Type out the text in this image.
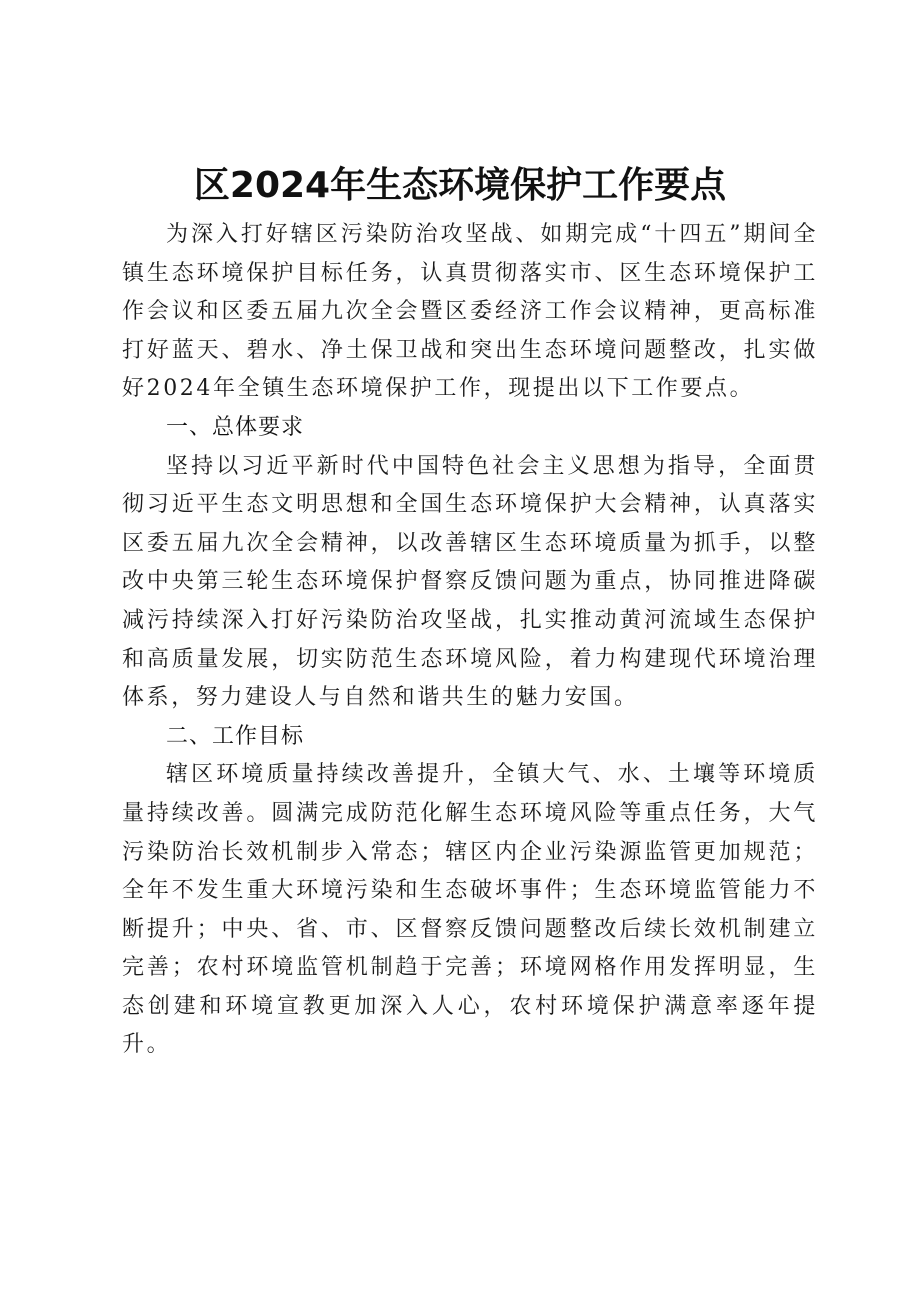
区2024年生态环境保护工作要点

为深入打好辖区污染防治攻坚战、如期完成“十四五”期间全镇生态环境保护目标任务，认真贯彻落实市、区生态环境保护工作会议和区委五届九次全会暨区委经济工作会议精神，更高标准打好蓝天、碧水、净土保卫战和突出生态环境问题整改，扎实做好2024年全镇生态环境保护工作，现提出以下工作要点。

一、总体要求

坚持以习近平新时代中国特色社会主义思想为指导，全面贯彻习近平生态文明思想和全国生态环境保护大会精神，认真落实区委五届九次全会精神，以改善辖区生态环境质量为抓手，以整改中央第三轮生态环境保护督察反馈问题为重点，协同推进降碳减污持续深入打好污染防治攻坚战，扎实推动黄河流域生态保护和高质量发展，切实防范生态环境风险，着力构建现代环境治理体系，努力建设人与自然和谐共生的魅力安国。

二、工作目标

辖区环境质量持续改善提升，全镇大气、水、土壤等环境质量持续改善。圆满完成防范化解生态环境风险等重点任务，大气污染防治长效机制步入常态；辖区内企业污染源监管更加规范；全年不发生重大环境污染和生态破坏事件；生态环境监管能力不断提升；中央、省、市、区督察反馈问题整改后续长效机制建立完善；农村环境监管机制趋于完善；环境网格作用发挥明显，生态创建和环境宣教更加深入人心，农村环境保护满意率逐年提升。
